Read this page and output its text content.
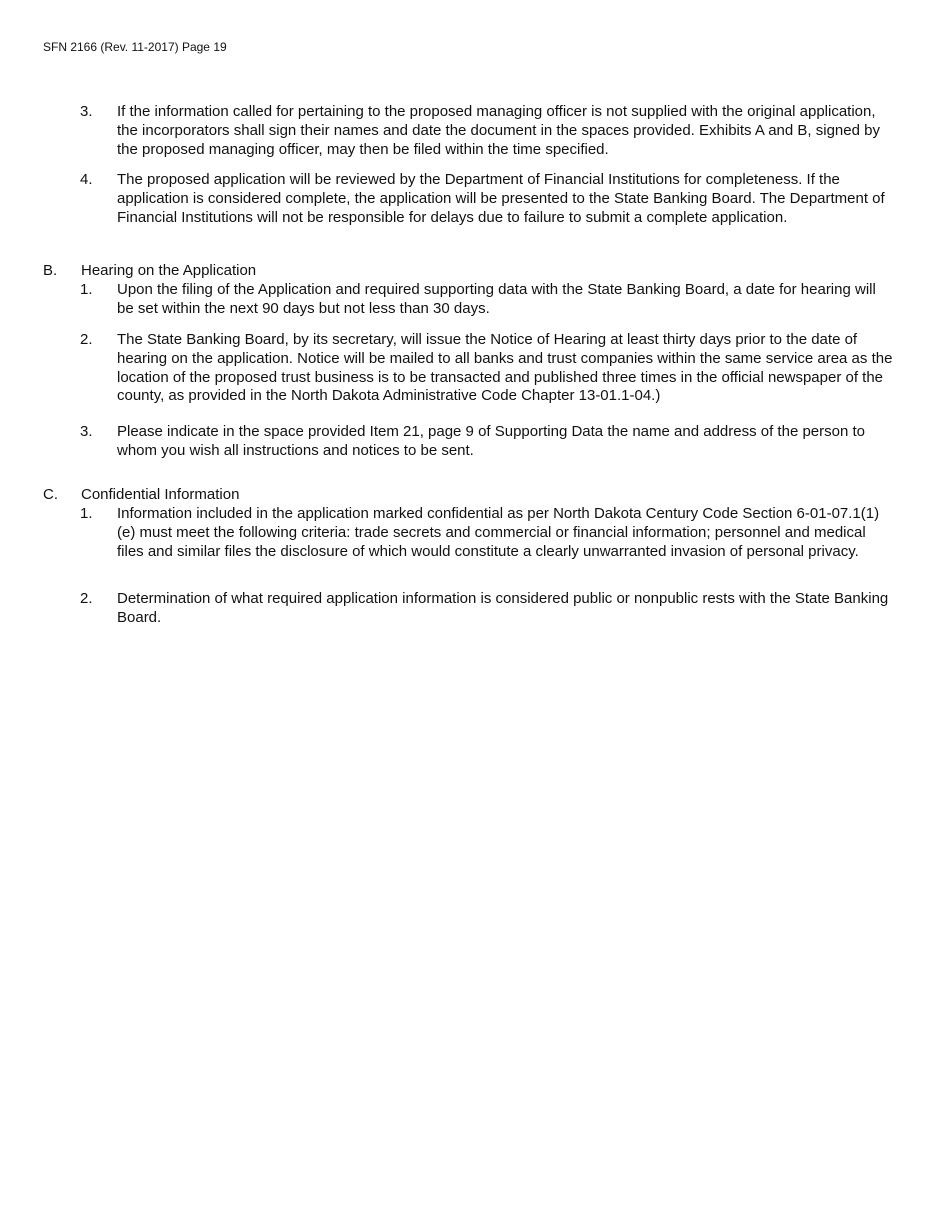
SFN 2166 (Rev. 11-2017) Page 19
3. If the information called for pertaining to the proposed managing officer is not supplied with the original application, the incorporators shall sign their names and date the document in the spaces provided. Exhibits A and B, signed by the proposed managing officer, may then be filed within the time specified.
4. The proposed application will be reviewed by the Department of Financial Institutions for completeness. If the application is considered complete, the application will be presented to the State Banking Board. The Department of Financial Institutions will not be responsible for delays due to failure to submit a complete application.
B. Hearing on the Application
1. Upon the filing of the Application and required supporting data with the State Banking Board, a date for hearing will be set within the next 90 days but not less than 30 days.
2. The State Banking Board, by its secretary, will issue the Notice of Hearing at least thirty days prior to the date of hearing on the application. Notice will be mailed to all banks and trust companies within the same service area as the location of the proposed trust business is to be transacted and published three times in the official newspaper of the county, as provided in the North Dakota Administrative Code Chapter 13-01.1-04.)
3. Please indicate in the space provided Item 21, page 9 of Supporting Data the name and address of the person to whom you wish all instructions and notices to be sent.
C. Confidential Information
1. Information included in the application marked confidential as per North Dakota Century Code Section 6-01-07.1(1)(e) must meet the following criteria: trade secrets and commercial or financial information; personnel and medical files and similar files the disclosure of which would constitute a clearly unwarranted invasion of personal privacy.
2. Determination of what required application information is considered public or nonpublic rests with the State Banking Board.
